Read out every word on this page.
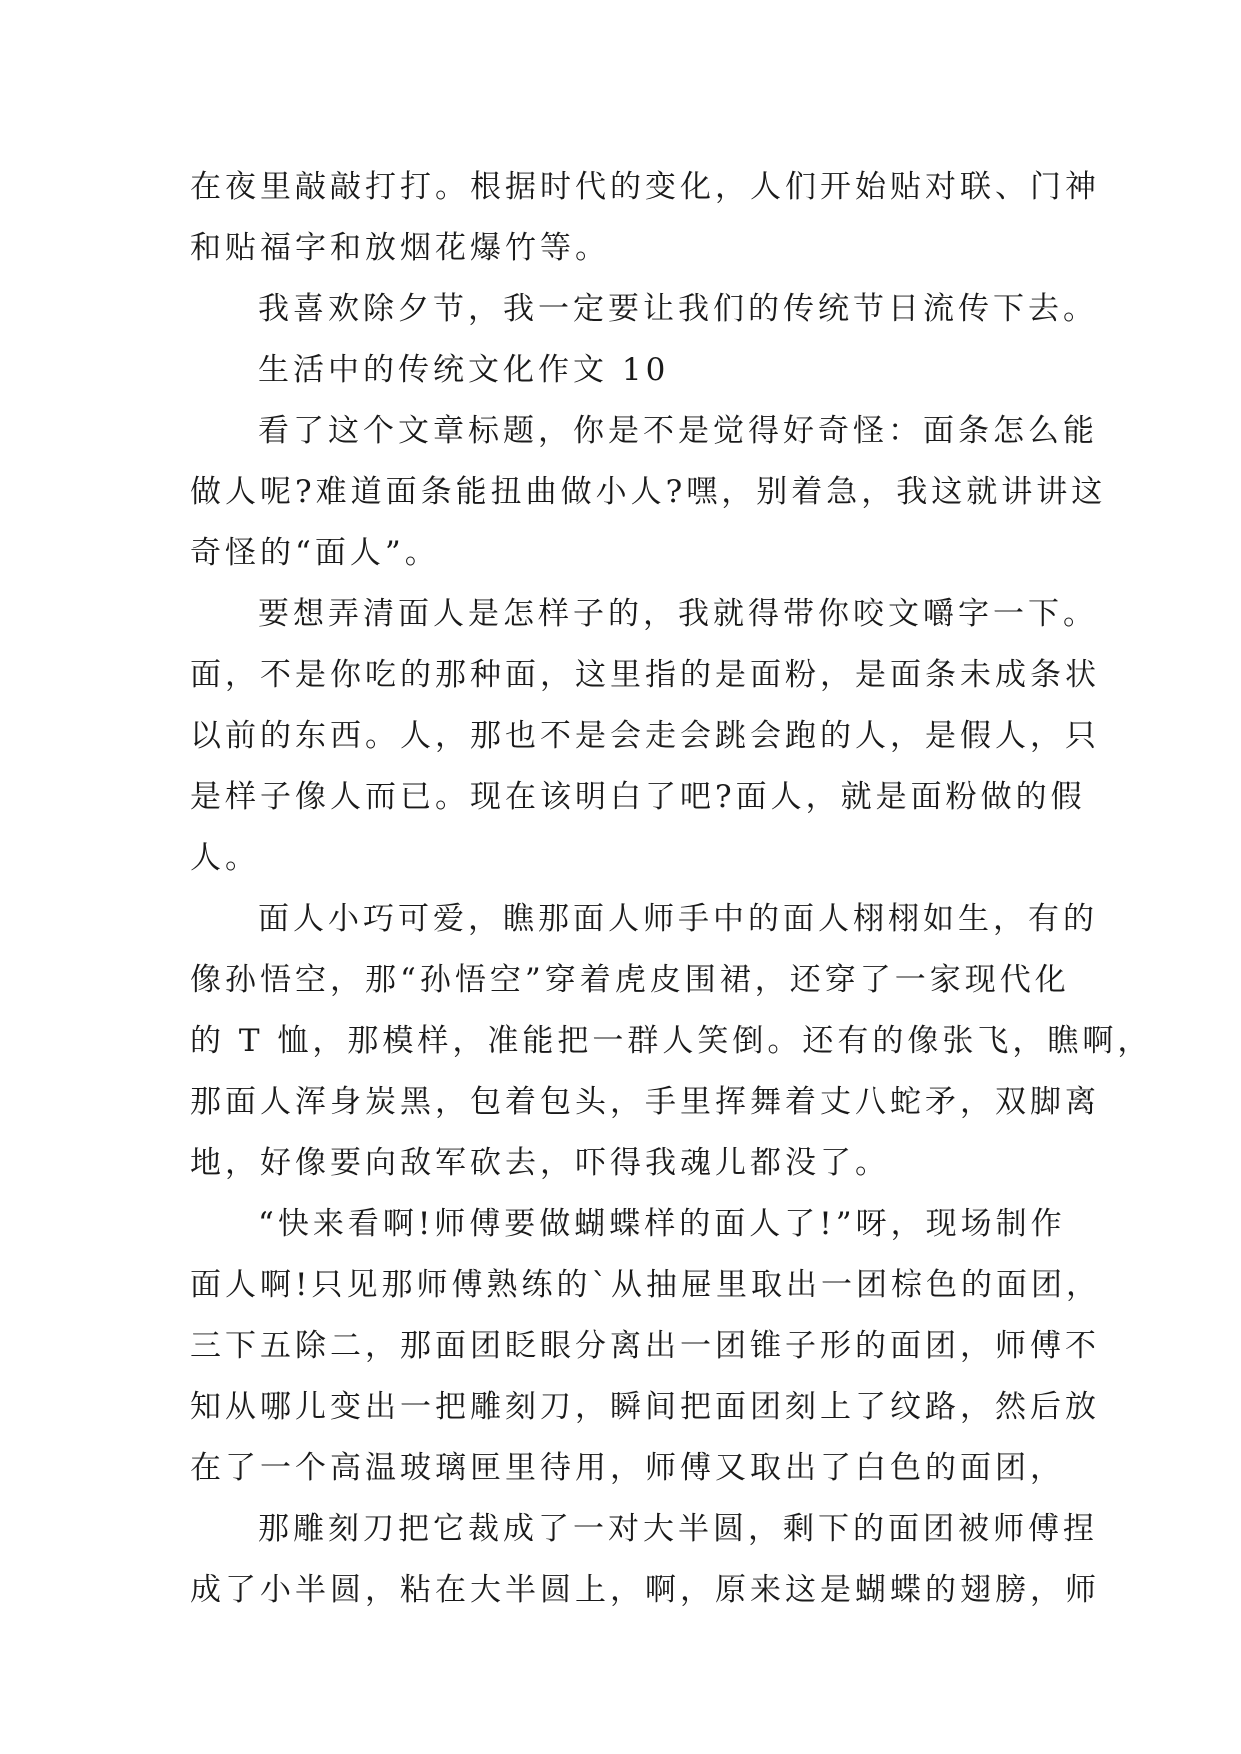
在夜里敲敲打打。根据时代的变化，人们开始贴对联、门神
和贴福字和放烟花爆竹等。
我喜欢除夕节，我一定要让我们的传统节日流传下去。
生活中的传统文化作文 10
看了这个文章标题，你是不是觉得好奇怪：面条怎么能
做人呢?难道面条能扭曲做小人?嘿，别着急，我这就讲讲这
奇怪的“面人”。
要想弄清面人是怎样子的，我就得带你咬文嚼字一下。
面，不是你吃的那种面，这里指的是面粉，是面条未成条状
以前的东西。人，那也不是会走会跳会跑的人，是假人，只
是样子像人而已。现在该明白了吧?面人，就是面粉做的假
人。
面人小巧可爱，瞧那面人师手中的面人栩栩如生，有的
像孙悟空，那“孙悟空”穿着虎皮围裙，还穿了一家现代化
的 T 恤，那模样，准能把一群人笑倒。还有的像张飞，瞧啊，
那面人浑身炭黑，包着包头，手里挥舞着丈八蛇矛，双脚离
地，好像要向敌军砍去，吓得我魂儿都没了。
“快来看啊!师傅要做蝴蝶样的面人了!”呀，现场制作
面人啊!只见那师傅熟练的`从抽屉里取出一团棕色的面团，
三下五除二，那面团眨眼分离出一团锥子形的面团，师傅不
知从哪儿变出一把雕刻刀，瞬间把面团刻上了纹路，然后放
在了一个高温玻璃匣里待用，师傅又取出了白色的面团，
那雕刻刀把它裁成了一对大半圆，剩下的面团被师傅捏
成了小半圆，粘在大半圆上，啊，原来这是蝴蝶的翅膀，师
